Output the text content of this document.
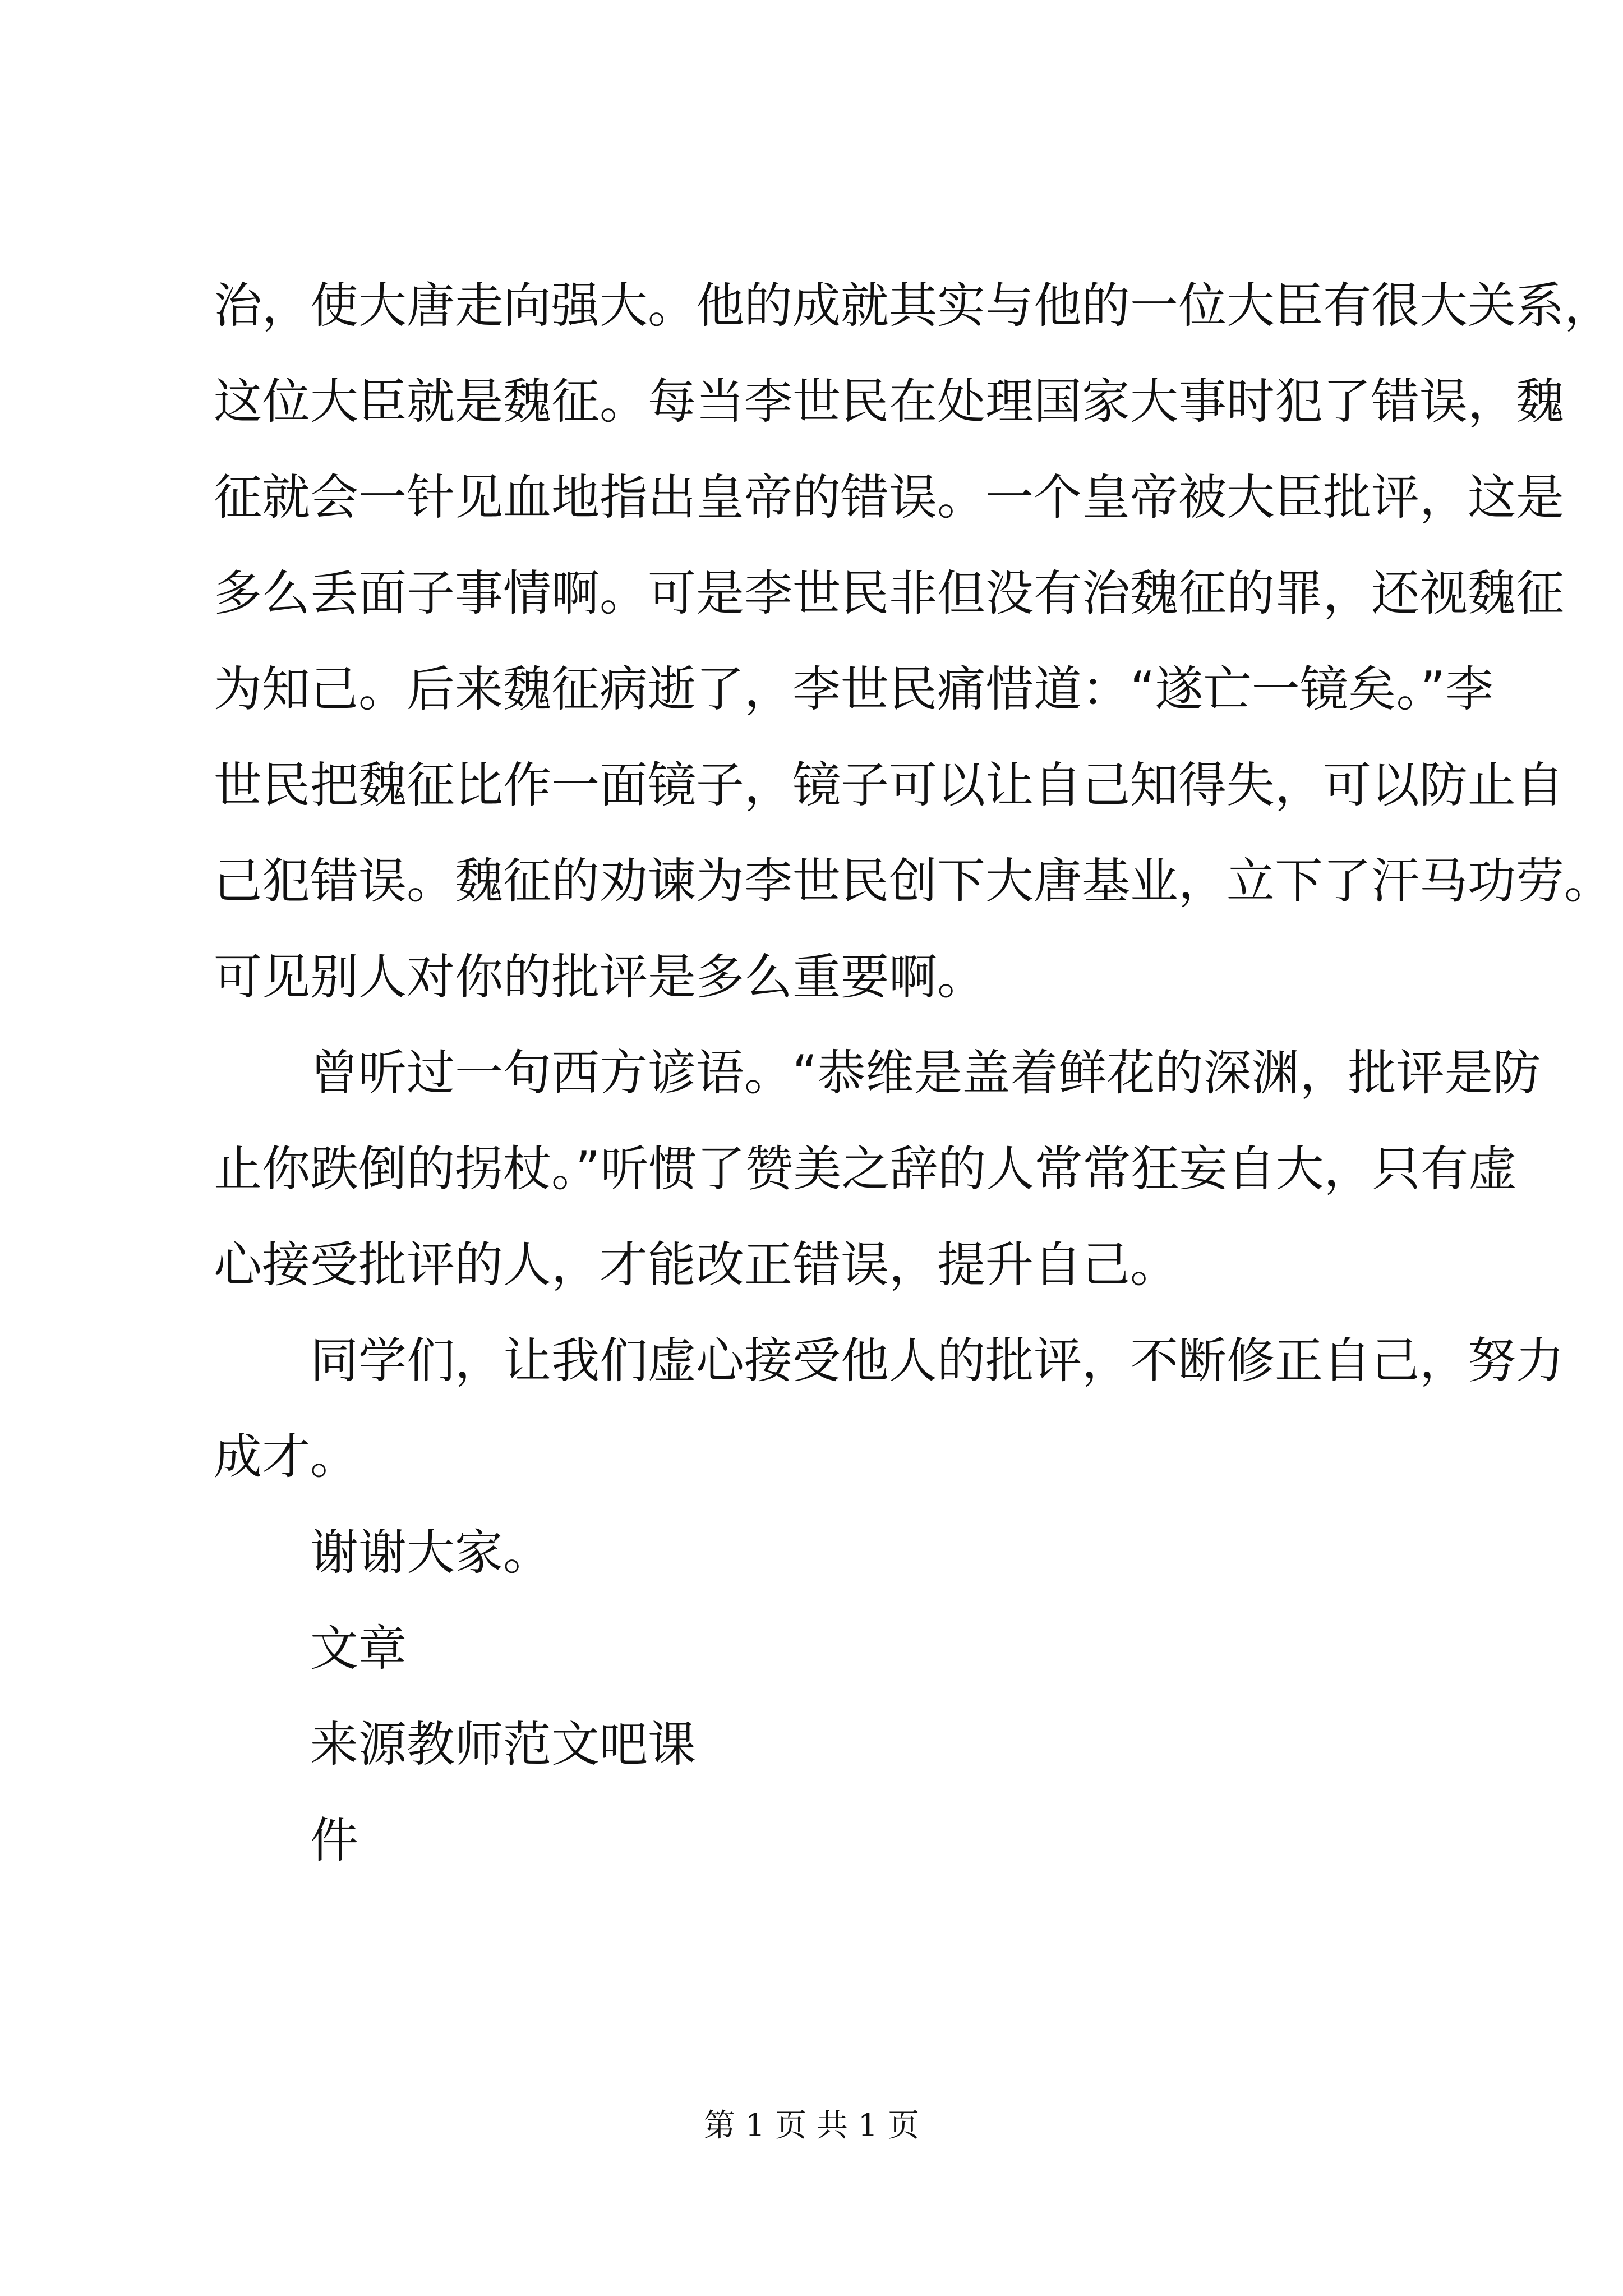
治，使大唐走向强大。他的成就其实与他的一位大臣有很大关系，
这位大臣就是魏征。每当李世民在处理国家大事时犯了错误，魏
征就会一针见血地指出皇帝的错误。一个皇帝被大臣批评，这是
多么丢面子事情啊。可是李世民非但没有治魏征的罪，还视魏征
为知己。后来魏征病逝了，李世民痛惜道：“遂亡一镜矣。”李
世民把魏征比作一面镜子，镜子可以让自己知得失，可以防止自
己犯错误。魏征的劝谏为李世民创下大唐基业，立下了汗马功劳。
可见别人对你的批评是多么重要啊。
曾听过一句西方谚语。“恭维是盖着鲜花的深渊，批评是防
止你跌倒的拐杖。”听惯了赞美之辞的人常常狂妄自大，只有虚
心接受批评的人，才能改正错误，提升自己。
同学们，让我们虚心接受他人的批评，不断修正自己，努力
成才。
谢谢大家。
文章
来源教师范文吧课
件
第 1 页 共 1 页
